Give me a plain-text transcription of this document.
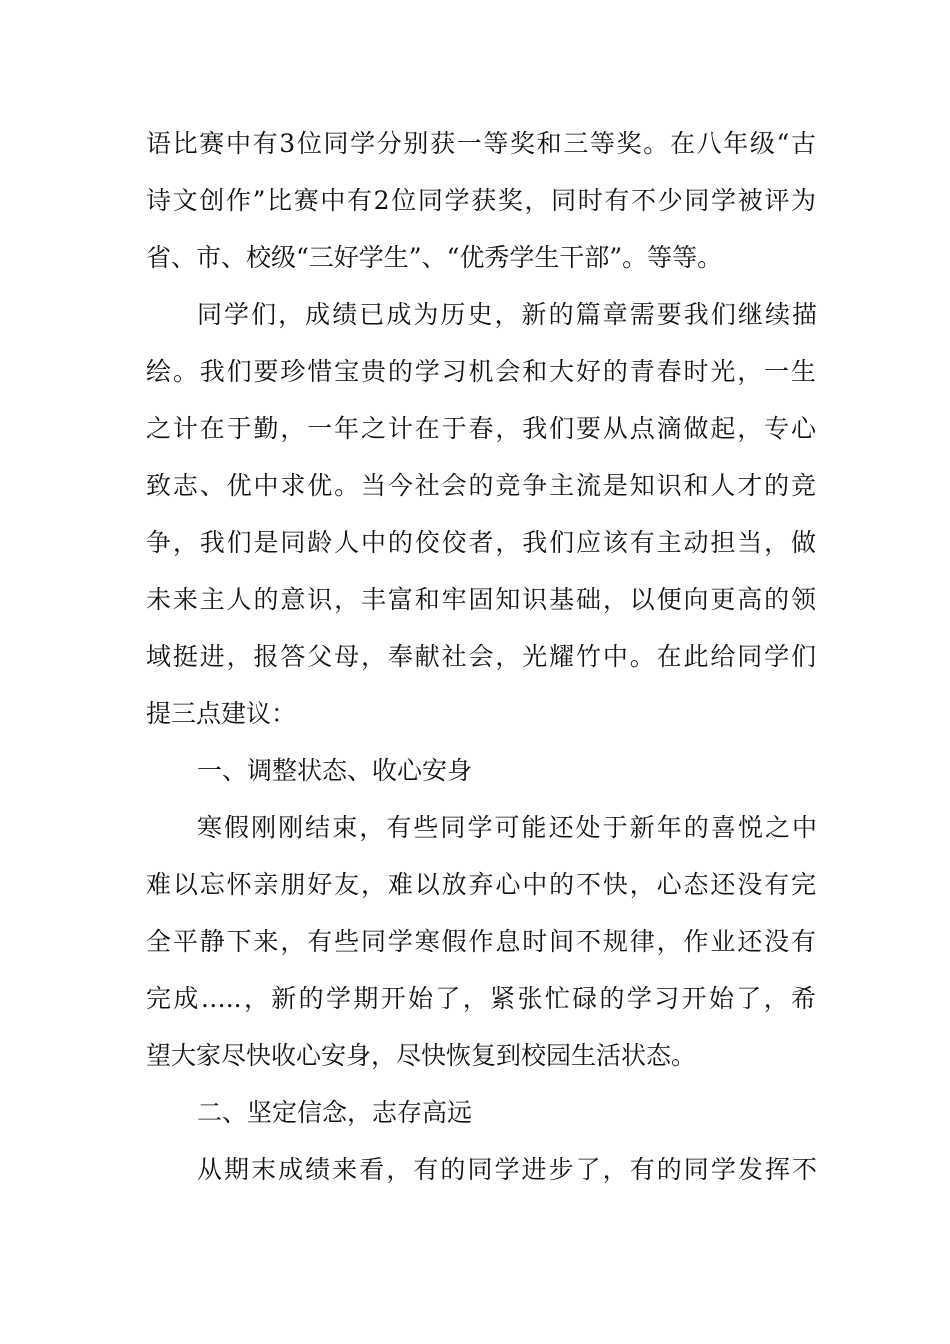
语比赛中有3位同学分别获一等奖和三等奖。在八年级“古
诗文创作”比赛中有2位同学获奖，同时有不少同学被评为
省、市、校级“三好学生”、“优秀学生干部”。等等。
同学们，成绩已成为历史，新的篇章需要我们继续描
绘。我们要珍惜宝贵的学习机会和大好的青春时光，一生
之计在于勤，一年之计在于春，我们要从点滴做起，专心
致志、优中求优。当今社会的竞争主流是知识和人才的竞
争，我们是同龄人中的佼佼者，我们应该有主动担当，做
未来主人的意识，丰富和牢固知识基础，以便向更高的领
域挺进，报答父母，奉献社会，光耀竹中。在此给同学们
提三点建议：
一、调整状态、收心安身
寒假刚刚结束，有些同学可能还处于新年的喜悦之中
难以忘怀亲朋好友，难以放弃心中的不快，心态还没有完
全平静下来，有些同学寒假作息时间不规律，作业还没有
完成…..，新的学期开始了，紧张忙碌的学习开始了，希
望大家尽快收心安身，尽快恢复到校园生活状态。
二、坚定信念，志存高远
从期末成绩来看，有的同学进步了，有的同学发挥不
